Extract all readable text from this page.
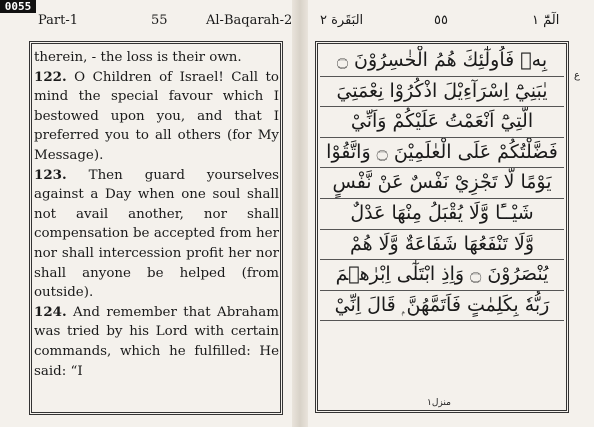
0055
Part-1	55	Al-Baqarah-2 البَقَرة ٢	٥٥	الٓمّٓ ١

therein, - the loss is their own.

122. O Children of Israel! Call to mind the special favour which I bestowed upon you, and that I preferred you to all others (for My Message).

123. Then guard yourselves against a Day when one soul shall not avail another, nor shall compensation be accepted from her nor shall intercession profit her nor shall anyone be helped (from outside).

124. And remember that Abraham was tried by his Lord with certain commands, which he fulfilled: He said: “I

بِهٖ فَاُولٰٓئِكَ هُمُ الْخٰسِرُوْنَ ۝
يٰبَنِيْٓ اِسْرَآءِيْلَ اذْكُرُوْا نِعْمَتِيَ
الَّتِيْٓ اَنْعَمْتُ عَلَيْكُمْ وَاَنِّيْ
فَضَّلْتُكُمْ عَلَى الْعٰلَمِيْنَ ۝ وَاتَّقُوْا
يَوْمًا لَّا تَجْزِيْ نَفْسٌ عَنْ نَّفْسٍ
شَيْــًٔا وَّلَا يُقْبَلُ مِنْهَا عَدْلٌ
وَّلَا تَنْفَعُهَا شَفَاعَةٌ وَّلَا هُمْ
يُنْصَرُوْنَ ۝ وَاِذِ ابْتَلٰٓى اِبْرٰهٖمَ
رَبُّهٗ بِكَلِمٰتٍ فَاَتَمَّهُنَّ ۭ قَالَ اِنِّيْ
ع
منزل١
